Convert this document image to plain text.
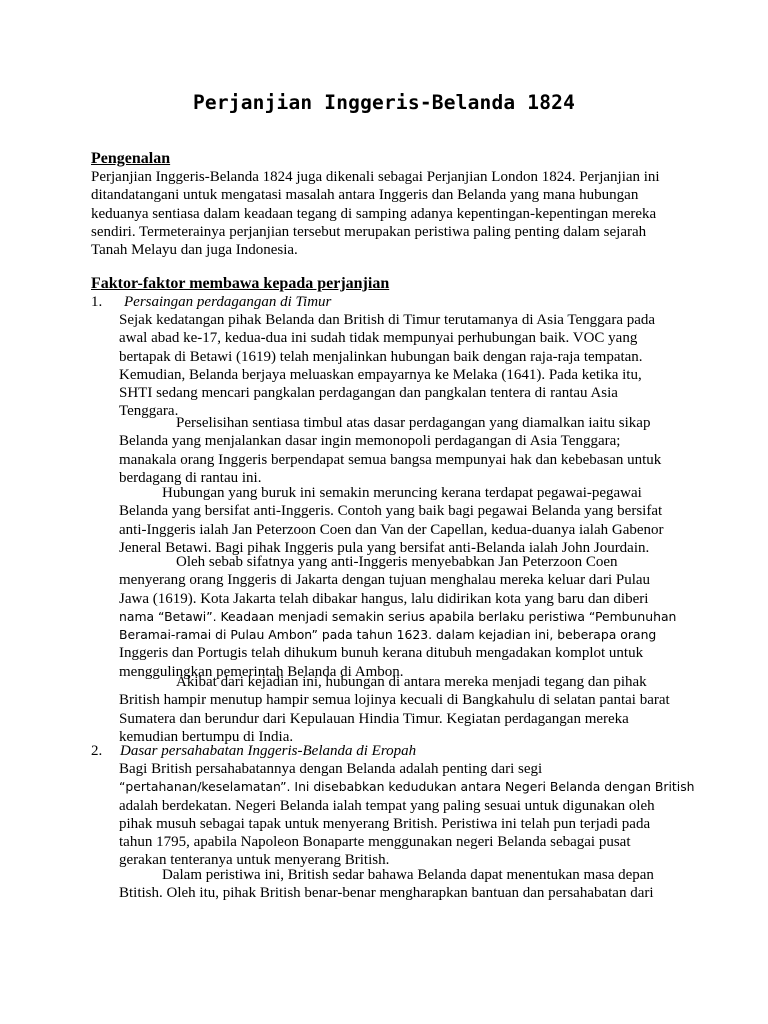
Perjanjian Inggeris-Belanda 1824
Pengenalan
Perjanjian Inggeris-Belanda 1824 juga dikenali sebagai Perjanjian London 1824. Perjanjian ini
ditandatangani untuk mengatasi masalah antara Inggeris dan Belanda yang mana hubungan
keduanya sentiasa dalam keadaan tegang di samping adanya kepentingan-kepentingan mereka
sendiri. Termeterainya perjanjian tersebut merupakan peristiwa paling penting dalam sejarah
Tanah Melayu dan juga Indonesia.
Faktor-faktor membawa kepada perjanjian
1. Persaingan perdagangan di Timur
Sejak kedatangan pihak Belanda dan British di Timur terutamanya di Asia Tenggara pada
awal abad ke-17, kedua-dua ini sudah tidak mempunyai perhubungan baik. VOC yang
bertapak di Betawi (1619) telah menjalinkan hubungan baik dengan raja-raja tempatan.
Kemudian, Belanda berjaya meluaskan empayarnya ke Melaka (1641). Pada ketika itu,
SHTI sedang mencari pangkalan perdagangan dan pangkalan tentera di rantau Asia
Tenggara.
Perselisihan sentiasa timbul atas dasar perdagangan yang diamalkan iaitu sikap
Belanda yang menjalankan dasar ingin memonopoli perdagangan di Asia Tenggara;
manakala orang Inggeris berpendapat semua bangsa mempunyai hak dan kebebasan untuk
berdagang di rantau ini.
Hubungan yang buruk ini semakin meruncing kerana terdapat pegawai-pegawai
Belanda yang bersifat anti-Inggeris. Contoh yang baik bagi pegawai Belanda yang bersifat
anti-Inggeris ialah Jan Peterzoon Coen dan Van der Capellan, kedua-duanya ialah Gabenor
Jeneral Betawi. Bagi pihak Inggeris pula yang bersifat anti-Belanda ialah John Jourdain.
Oleh sebab sifatnya yang anti-Inggeris menyebabkan Jan Peterzoon Coen
menyerang orang Inggeris di Jakarta dengan tujuan menghalau mereka keluar dari Pulau
Jawa (1619). Kota Jakarta telah dibakar hangus, lalu didirikan kota yang baru dan diberi
nama “Betawi”. Keadaan menjadi semakin serius apabila berlaku peristiwa “Pembunuhan
Beramai-ramai di Pulau Ambon” pada tahun 1623. dalam kejadian ini, beberapa orang
Inggeris dan Portugis telah dihukum bunuh kerana ditubuh mengadakan komplot untuk
menggulingkan pemerintah Belanda di Ambon.
Akibat dari kejadian ini, hubungan di antara mereka menjadi tegang dan pihak
British hampir menutup hampir semua lojinya kecuali di Bangkahulu di selatan pantai barat
Sumatera dan berundur dari Kepulauan Hindia Timur. Kegiatan perdagangan mereka
kemudian bertumpu di India.
2. Dasar persahabatan Inggeris-Belanda di Eropah
Bagi British persahabatannya dengan Belanda adalah penting dari segi
“pertahanan/keselamatan”. Ini disebabkan kedudukan antara Negeri Belanda dengan British
adalah berdekatan. Negeri Belanda ialah tempat yang paling sesuai untuk digunakan oleh
pihak musuh sebagai tapak untuk menyerang British. Peristiwa ini telah pun terjadi pada
tahun 1795, apabila Napoleon Bonaparte menggunakan negeri Belanda sebagai pusat
gerakan tenteranya untuk menyerang British.
Dalam peristiwa ini, British sedar bahawa Belanda dapat menentukan masa depan
Btitish. Oleh itu, pihak British benar-benar mengharapkan bantuan dan persahabatan dari
